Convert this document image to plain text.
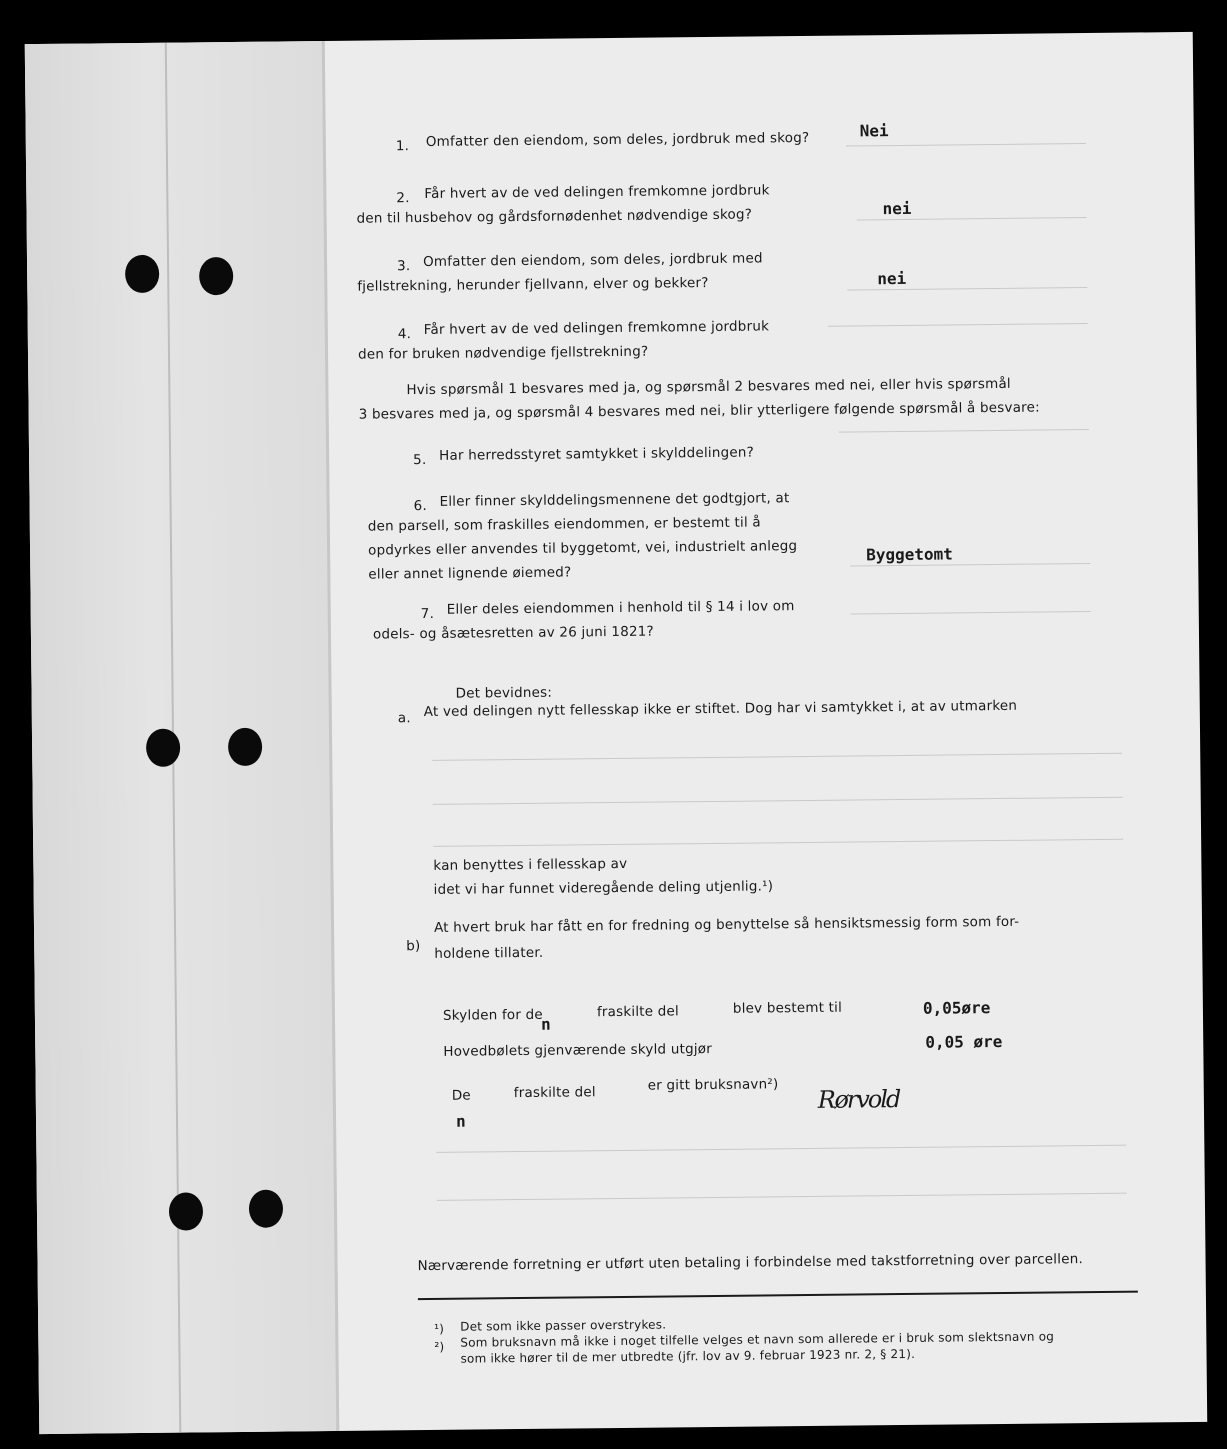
1. Omfatter den eiendom, som deles, jordbruk med skog?	Nei
2. Får hvert av de ved delingen fremkomne jordbruk
den til husbehov og gårdsfornødenhet nødvendige skog?	nei
3. Omfatter den eiendom, som deles, jordbruk med
fjellstrekning, herunder fjellvann, elver og bekker?	nei
4. Får hvert av de ved delingen fremkomne jordbruk
den for bruken nødvendige fjellstrekning?
Hvis spørsmål 1 besvares med ja, og spørsmål 2 besvares med nei, eller hvis spørsmål
3 besvares med ja, og spørsmål 4 besvares med nei, blir ytterligere følgende spørsmål å besvare:
5. Har herredsstyret samtykket i skylddelingen?
6. Eller finner skylddelingsmennene det godtgjort, at
den parsell, som fraskilles eiendommen, er bestemt til å
opdyrkes eller anvendes til byggetomt, vei, industrielt anlegg
eller annet lignende øiemed?
Byggetomt
7. Eller deles eiendommen i henhold til § 14 i lov om
odels- og åsætesretten av 26 juni 1821?
Det bevidnes:
a. At ved delingen nytt fellesskap ikke er stiftet. Dog har vi samtykket i, at av utmarken
kan benyttes i fellesskap av
idet vi har funnet videregående deling utjenlig.¹)
b)
At hvert bruk har fått en for fredning og benyttelse så hensiktsmessig form som for-
holdene tillater.
Skylden for de
n
fraskilte del	blev bestemt til	0,05øre
Hovedbølets gjenværende skyld utgjør	0,05 øre
De
n
fraskilte del	er gitt bruksnavn²)
Rørvold
Nærværende forretning er utført uten betaling i forbindelse med takstforretning over parcellen.
¹) Det som ikke passer overstrykes.
²) Som bruksnavn må ikke i noget tilfelle velges et navn som allerede er i bruk som slektsnavn og
som ikke hører til de mer utbredte (jfr. lov av 9. februar 1923 nr. 2, § 21).
